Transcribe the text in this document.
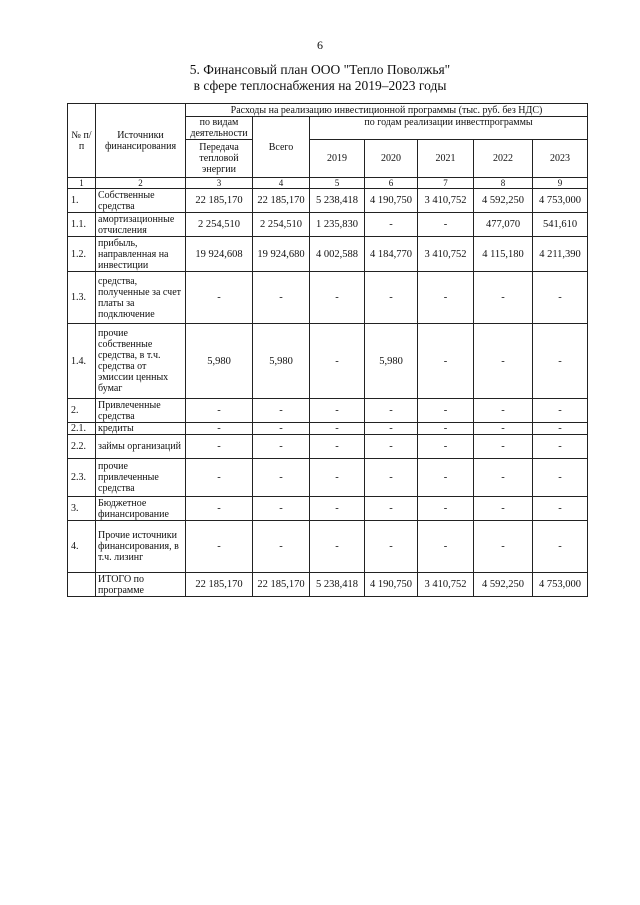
6
5. Финансовый план ООО "Тепло Поволжья"
в сфере теплоснабжения на 2019–2023 годы
№ п/п	Источники финансирования	Расходы на реализацию инвестиционной программы (тыс. руб. без НДС)						
		по видам деятельности	Всего	по годам реализации инвестпрограммы				
		Передача тепловой энергии		2019	2020	2021	2022	2023
1	2	3	4	5	6	7	8	9
1.	Собственные средства	22 185,170	22 185,170	5 238,418	4 190,750	3 410,752	4 592,250	4 753,000
1.1.	амортизационные отчисления	2 254,510	2 254,510	1 235,830	-	-	477,070	541,610
1.2.	прибыль, направленная на инвестиции	19 924,608	19 924,680	4 002,588	4 184,770	3 410,752	4 115,180	4 211,390
1.3.	средства, полученные за счет платы за подключение	-	-	-	-	-	-	-
1.4.	прочие собственные средства, в т.ч. средства от эмиссии ценных бумаг	5,980	5,980	-	5,980	-	-	-
2.	Привлеченные средства	-	-	-	-	-	-	-
2.1.	кредиты	-	-	-	-	-	-	-
2.2.	займы организаций	-	-	-	-	-	-	-
2.3.	прочие привлеченные средства	-	-	-	-	-	-	-
3.	Бюджетное финансирование	-	-	-	-	-	-	-
4.	Прочие источники финансирования, в т.ч. лизинг	-	-	-	-	-	-	-
	ИТОГО по программе	22 185,170	22 185,170	5 238,418	4 190,750	3 410,752	4 592,250	4 753,000
